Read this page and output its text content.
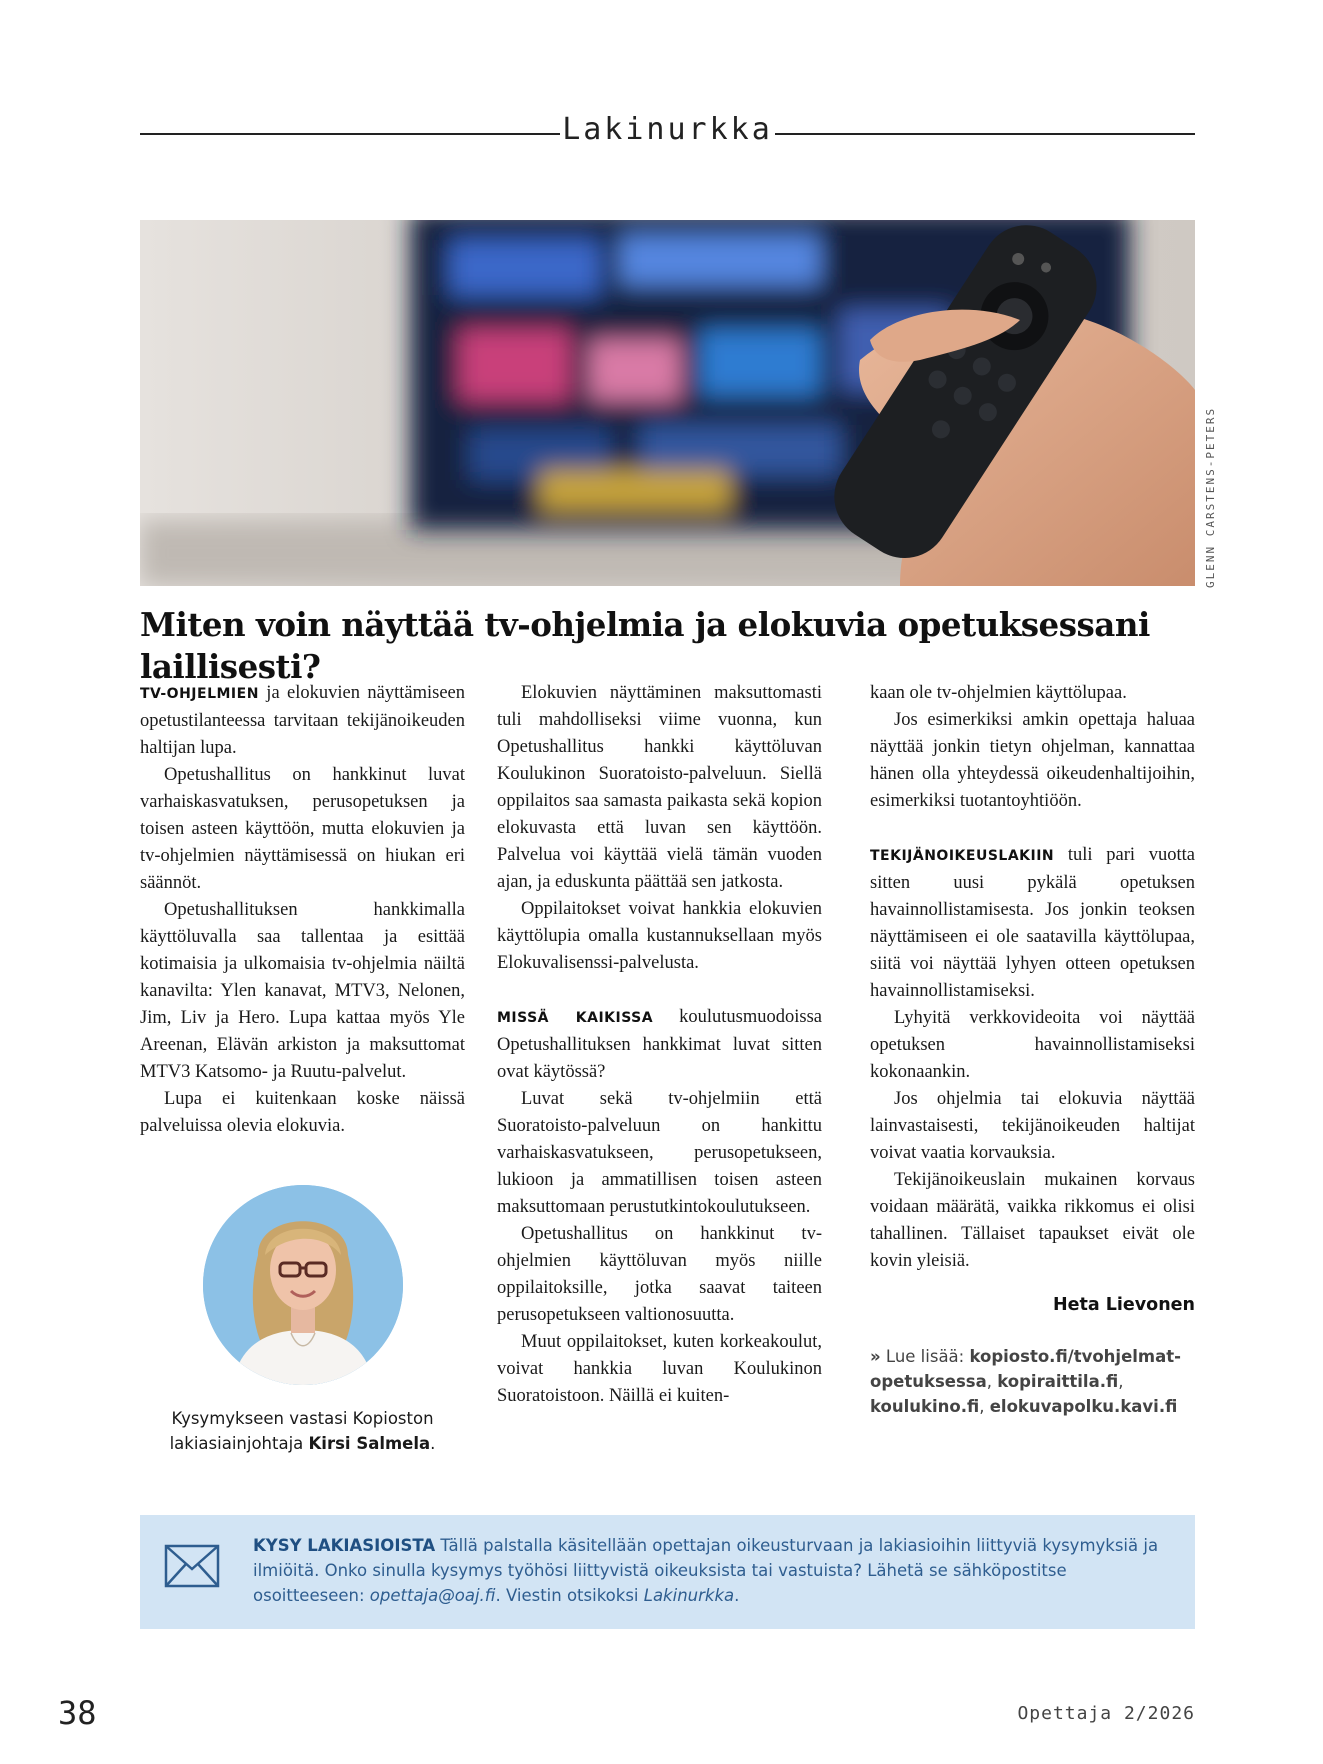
Lakinurkka
GLENN CARSTENS-PETERS
Miten voin näyttää tv-ohjelmia ja elokuvia opetuksessani laillisesti?

TV-OHJELMIEN ja elokuvien näyttämiseen opetustilanteessa tarvitaan tekijänoikeuden haltijan lupa.

Opetushallitus on hankkinut luvat varhaiskasvatuksen, perusopetuksen ja toisen asteen käyttöön, mutta elokuvien ja tv-ohjelmien näyttämisessä on hiukan eri säännöt.

Opetushallituksen hankkimalla käyttöluvalla saa tallentaa ja esittää kotimaisia ja ulkomaisia tv-ohjelmia näiltä kanavilta: Ylen kanavat, MTV3, Nelonen, Jim, Liv ja Hero. Lupa kattaa myös Yle Areenan, Elävän arkiston ja maksuttomat MTV3 Katsomo- ja Ruutu-palvelut.

Lupa ei kuitenkaan koske näissä palveluissa olevia elokuvia.

Kysymykseen vastasi Kopioston lakiasiainjohtaja Kirsi Salmela.

Elokuvien näyttäminen maksuttomasti tuli mahdolliseksi viime vuonna, kun Opetushallitus hankki käyttöluvan Koulukinon Suoratoisto-palveluun. Siellä oppilaitos saa samasta paikasta sekä kopion elokuvasta että luvan sen käyttöön. Palvelua voi käyttää vielä tämän vuoden ajan, ja eduskunta päättää sen jatkosta.

Oppilaitokset voivat hankkia elokuvien käyttölupia omalla kustannuksellaan myös Elokuvalisenssi-palvelusta.

MISSÄ KAIKISSA koulutusmuodoissa Opetushallituksen hankkimat luvat sitten ovat käytössä?

Luvat sekä tv-ohjelmiin että Suoratoisto-palveluun on hankittu varhaiskasvatukseen, perusopetukseen, lukioon ja ammatillisen toisen asteen maksuttomaan perustutkintokoulutukseen.

Opetushallitus on hankkinut tv-ohjelmien käyttöluvan myös niille oppilaitoksille, jotka saavat taiteen perusopetukseen valtionosuutta.

Muut oppilaitokset, kuten korkeakoulut, voivat hankkia luvan Koulukinon Suoratoistoon. Näillä ei kuiten-

kaan ole tv-ohjelmien käyttölupaa.

Jos esimerkiksi amkin opettaja haluaa näyttää jonkin tietyn ohjelman, kannattaa hänen olla yhteydessä oikeudenhaltijoihin, esimerkiksi tuotantoyhtiöön.

TEKIJÄNOIKEUSLAKIIN tuli pari vuotta sitten uusi pykälä opetuksen havainnollistamisesta. Jos jonkin teoksen näyttämiseen ei ole saatavilla käyttölupaa, siitä voi näyttää lyhyen otteen opetuksen havainnollistamiseksi.

Lyhyitä verkkovideoita voi näyttää opetuksen havainnollistamiseksi kokonaankin.

Jos ohjelmia tai elokuvia näyttää lainvastaisesti, tekijänoikeuden haltijat voivat vaatia korvauksia.

Tekijänoikeuslain mukainen korvaus voidaan määrätä, vaikka rikkomus ei olisi tahallinen. Tällaiset tapaukset eivät ole kovin yleisiä.

Heta Lievonen

» Lue lisää: kopiosto.fi/tvohjelmat-opetuksessa, kopiraittila.fi, koulukino.fi, elokuvapolku.kavi.fi

KYSY LAKIASIOISTA Tällä palstalla käsitellään opettajan oikeusturvaan ja lakiasioihin liittyviä kysymyksiä ja ilmiöitä. Onko sinulla kysymys työhösi liittyvistä oikeuksista tai vastuista? Lähetä se sähköpostitse osoitteeseen: opettaja@oaj.fi. Viestin otsikoksi Lakinurkka.
38	Opettaja 2/2026
